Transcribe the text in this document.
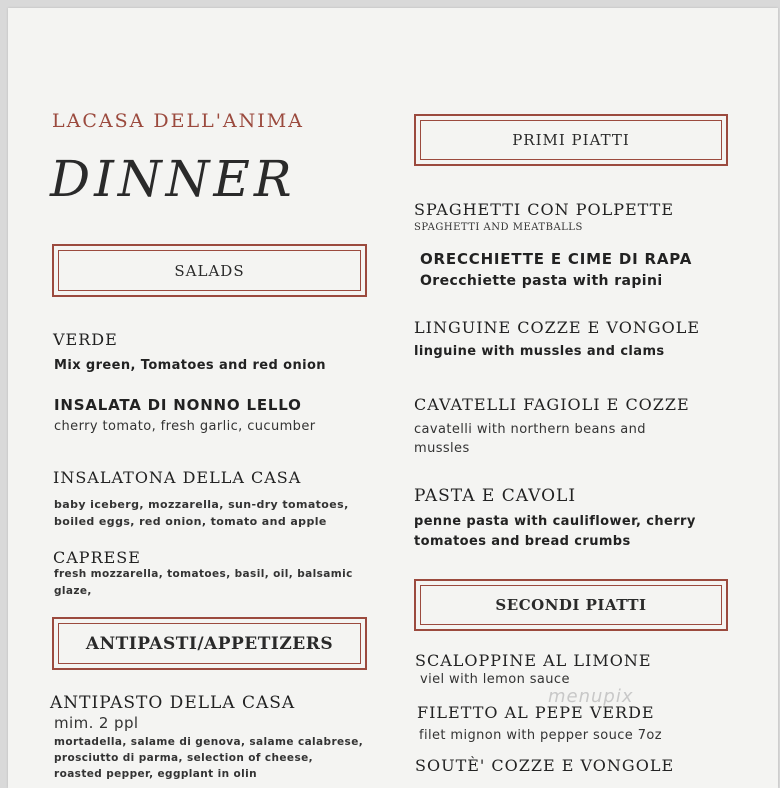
LACASA DELL'ANIMA
DINNER
SALADS
VERDE
Mix green, Tomatoes and red onion
INSALATA DI NONNO LELLO
cherry tomato, fresh garlic, cucumber
INSALATONA DELLA CASA
baby iceberg, mozzarella, sun-dry tomatoes, boiled eggs, red onion, tomato and apple
CAPRESE
fresh mozzarella, tomatoes, basil, oil, balsamic glaze,
ANTIPASTI/APPETIZERS
ANTIPASTO DELLA CASA
mim. 2 ppl
mortadella, salame di genova, salame calabrese, prosciutto di parma, selection of cheese, roasted pepper, eggplant in olin
PRIMI PIATTI
SPAGHETTI CON POLPETTE
SPAGHETTI AND MEATBALLS
ORECCHIETTE E CIME DI RAPA
Orecchiette pasta with rapini
LINGUINE COZZE E VONGOLE
linguine with mussles and clams
CAVATELLI FAGIOLI E COZZE
cavatelli with northern beans and
mussles
PASTA E CAVOLI
penne pasta with cauliflower, cherry
tomatoes and bread crumbs
SECONDI PIATTI
SCALOPPINE AL LIMONE
viel with lemon sauce
menupix
FILETTO AL PEPE VERDE
filet mignon with pepper souce 7oz
SOUTÈ' COZZE E VONGOLE
